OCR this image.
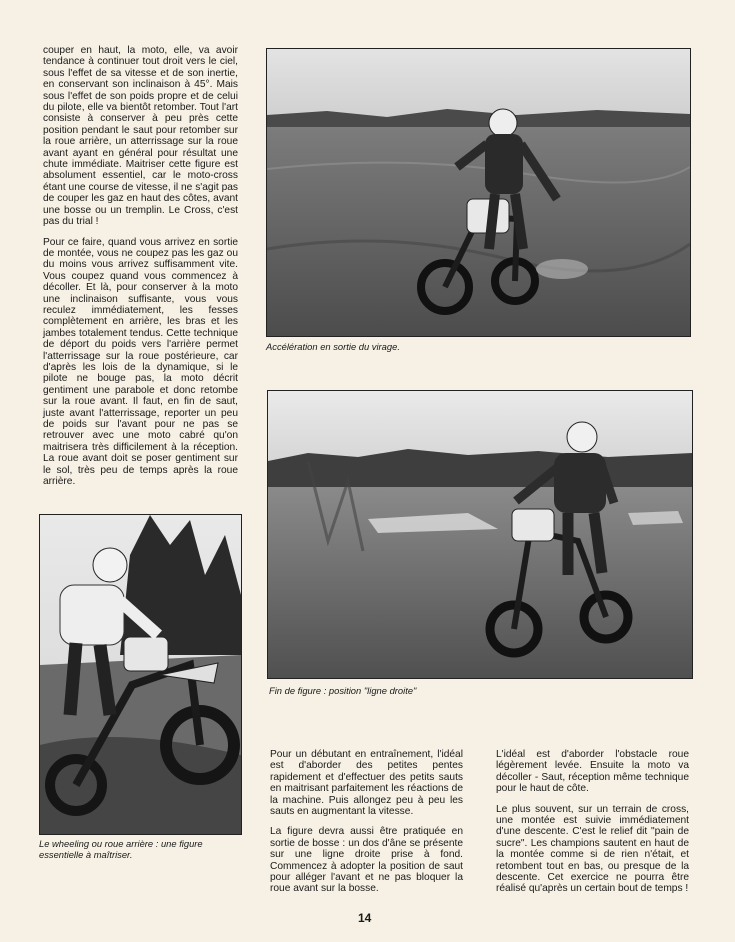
couper en haut, la moto, elle, va avoir tendance à continuer tout droit vers le ciel, sous l'effet de sa vitesse et de son inertie, en conservant son inclinaison à 45°. Mais sous l'effet de son poids propre et de celui du pilote, elle va bientôt retomber. Tout l'art consiste à conserver à peu près cette position pendant le saut pour retomber sur la roue arrière, un atterrissage sur la roue avant ayant en général pour résultat une chute immédiate. Maitriser cette figure est absolument essentiel, car le moto-cross étant une course de vitesse, il ne s'agit pas de couper les gaz en haut des côtes, avant une bosse ou un tremplin. Le Cross, c'est pas du trial !

Pour ce faire, quand vous arrivez en sortie de montée, vous ne coupez pas les gaz ou du moins vous arrivez suffisamment vite. Vous coupez quand vous commencez à décoller. Et là, pour conserver à la moto une inclinaison suffisante, vous vous reculez immédiatement, les fesses complètement en arrière, les bras et les jambes totalement tendus. Cette technique de déport du poids vers l'arrière permet l'atterrissage sur la roue postérieure, car d'après les lois de la dynamique, si le pilote ne bouge pas, la moto décrit gentiment une parabole et donc retombe sur la roue avant. Il faut, en fin de saut, juste avant l'atterrissage, reporter un peu de poids sur l'avant pour ne pas se retrouver avec une moto cabré qu'on maitrisera très difficilement à la réception. La roue avant doit se poser gentiment sur le sol, très peu de temps après la roue arrière.

Accélération en sortie du virage.
Fin de figure : position "ligne droite"
Le wheeling ou roue arrière : une figure essentielle à maîtriser.

Pour un débutant en entraînement, l'idéal est d'aborder des petites pentes rapidement et d'effectuer des petits sauts en maitrisant parfaitement les réactions de la machine. Puis allongez peu à peu les sauts en augmentant la vitesse.

La figure devra aussi être pratiquée en sortie de bosse : un dos d'âne se présente sur une ligne droite prise à fond. Commencez à adopter la position de saut pour alléger l'avant et ne pas bloquer la roue avant sur la bosse.

L'idéal est d'aborder l'obstacle roue légèrement levée. Ensuite la moto va décoller - Saut, réception même technique pour le haut de côte.

Le plus souvent, sur un terrain de cross, une montée est suivie immédiatement d'une descente. C'est le relief dit "pain de sucre". Les champions sautent en haut de la montée comme si de rien n'était, et retombent tout en bas, ou presque de la descente. Cet exercice ne pourra être réalisé qu'après un certain bout de temps !

14
